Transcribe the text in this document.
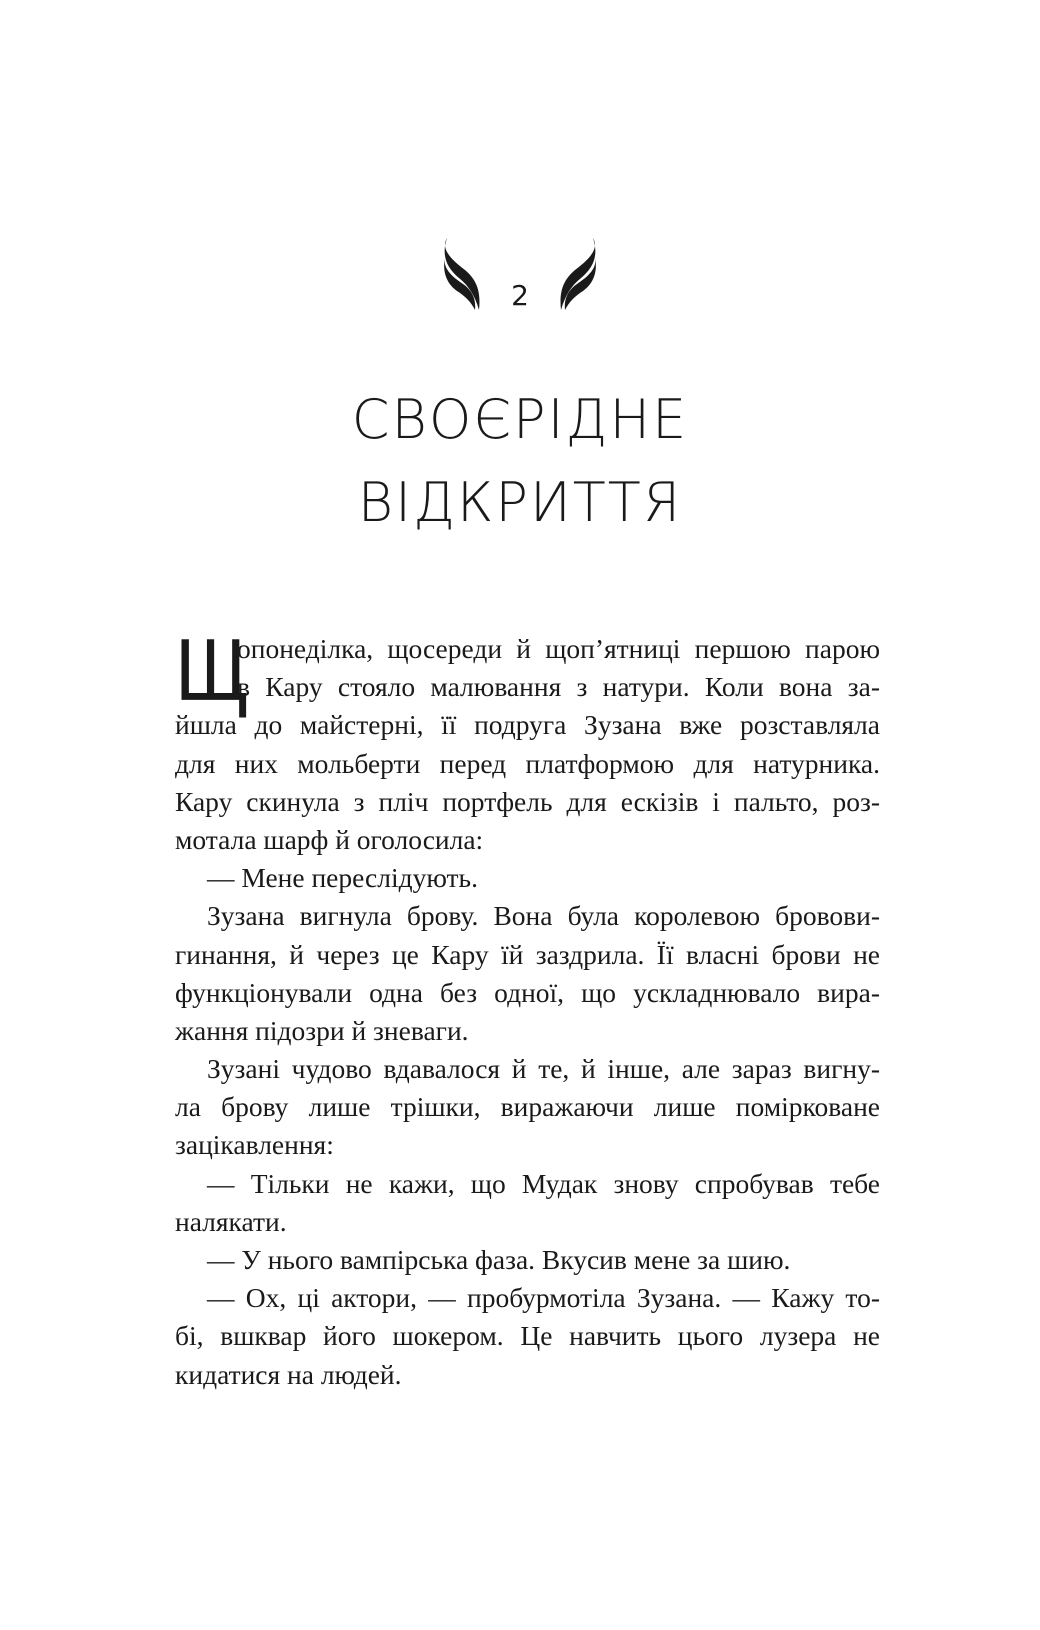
2
СВОЄРІДНЕ
ВІДКРИТТЯ
Щ
опонеділка, щосереди й щоп’ятниці першою парою
в Кару стояло малювання з натури. Коли вона за-
йшла до майстерні, її подруга Зузана вже розставляла
для них мольберти перед платформою для натурника.
Кару скинула з пліч портфель для ескізів і пальто, роз-
мотала шарф й оголосила:
— Мене переслідують.
Зузана вигнула брову. Вона була королевою бровови-
гинання, й через це Кару їй заздрила. Її власні брови не
функціонували одна без одної, що ускладнювало вира-
жання підозри й зневаги.
Зузані чудово вдавалося й те, й інше, але зараз вигну-
ла брову лише трішки, виражаючи лише помірковане
зацікавлення:
— Тільки не кажи, що Мудак знову спробував тебе
налякати.
— У нього вампірська фаза. Вкусив мене за шию.
— Ох, ці актори, — пробурмотіла Зузана. — Кажу то-
бі, вшквар його шокером. Це навчить цього лузера не
кидатися на людей.
